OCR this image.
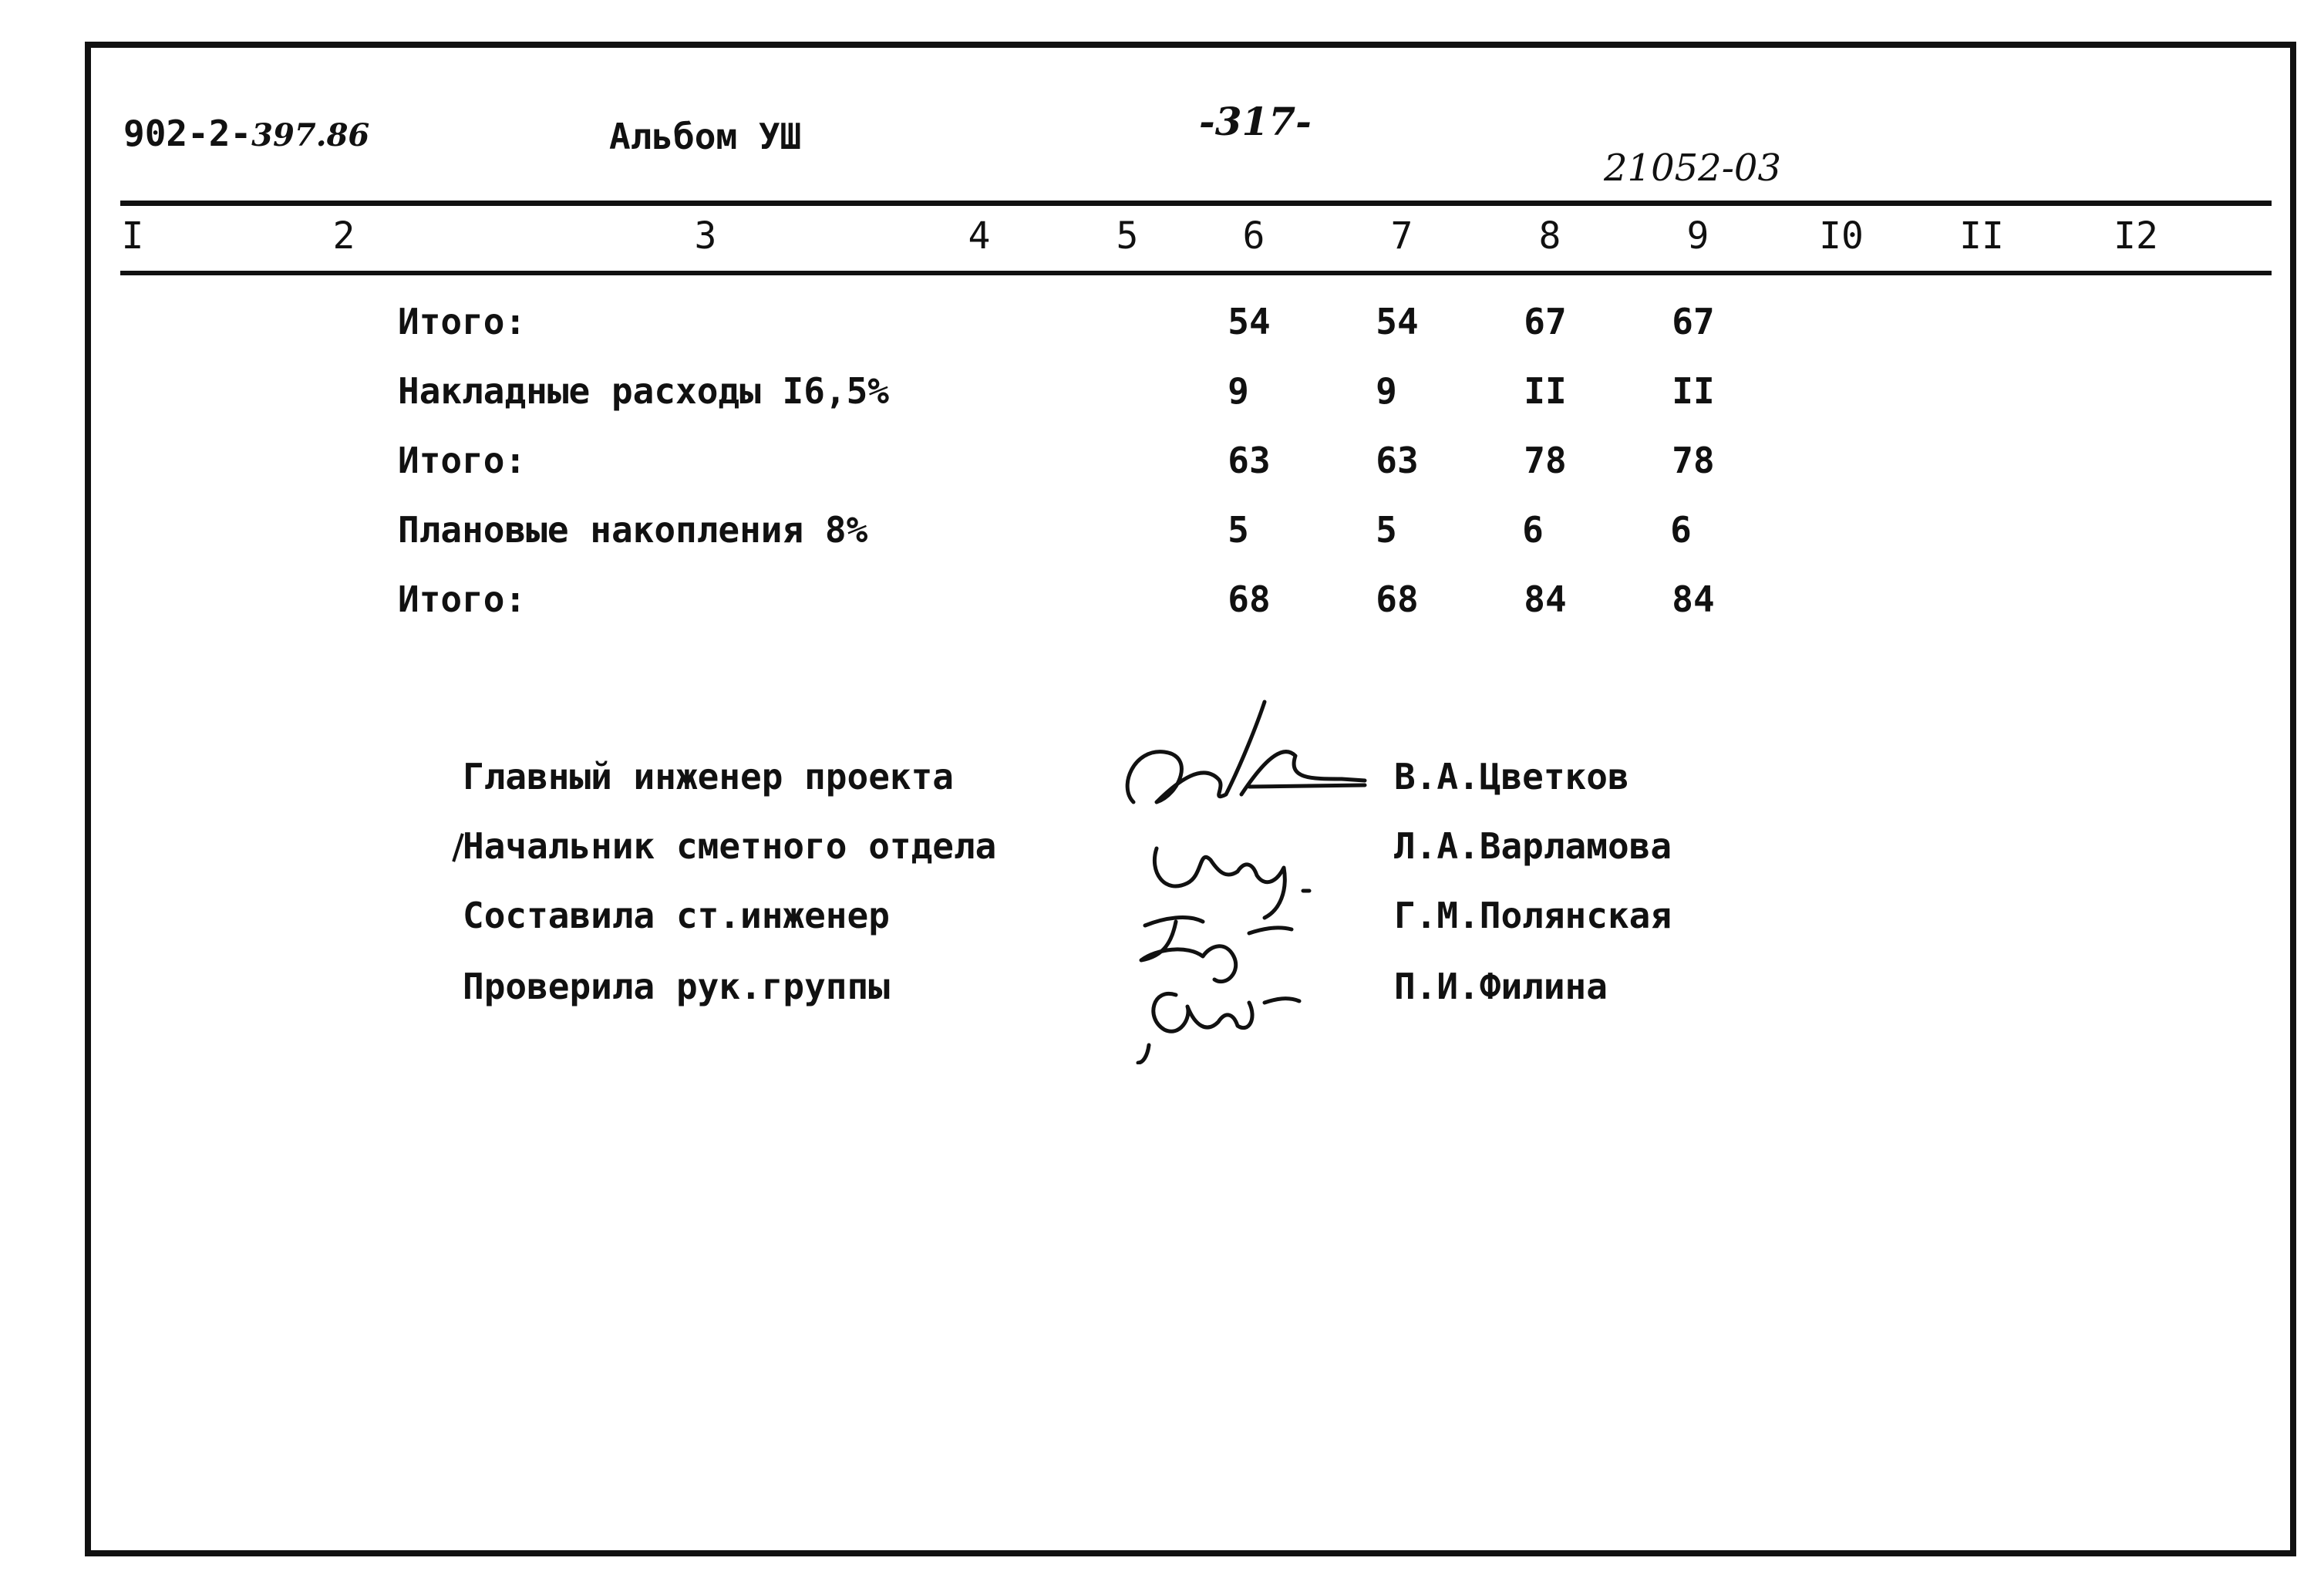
902-2-397.86	Альбом УШ	-317-
21052-03
I	2	3	4	5	6	7	8	9	I0	II	I2
Итого:	54	54	67	67
Накладные расходы I6,5%	9	9	II	II
Итого:	63	63	78	78
Плановые накопления 8%	5	5	6	6
Итого:	68	68	84	84
Главный инженер проекта	В.А.Цветков
Начальник сметного отдела	Л.А.Варламова
Составила ст.инженер	Г.М.Полянская
Проверила рук.группы	П.И.Филина
